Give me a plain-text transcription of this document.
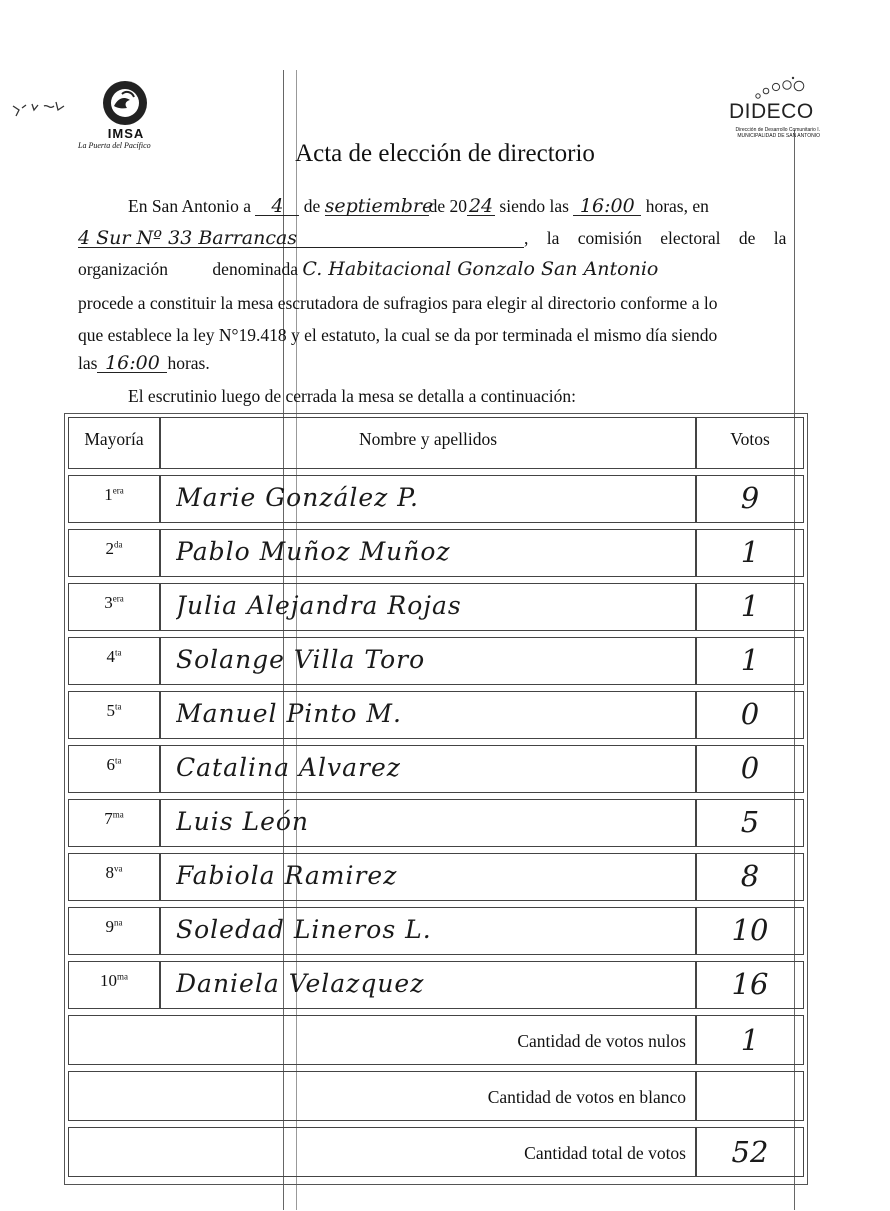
IMSA
La Puerta del Pacífico
DIDECO
Dirección de Desarrollo Comunitario I. MUNICIPALIDAD DE SAN ANTONIO
Acta de elección de directorio
En San Antonio a 4 de septiembrede 20 24 siendo las 16:00 horas, en
4 Sur Nº 33 Barrancas	, la comisión electoral de la
organización denominada C. Habitacional Gonzalo San Antonio
procede a constituir la mesa escrutadora de sufragios para elegir al directorio conforme a lo
que establece la ley N°19.418 y el estatuto, la cual se da por terminada el mismo día siendo
las 16:00 horas.
El escrutinio luego de cerrada la mesa se detalla a continuación:
Mayoría	Nombre y apellidos	Votos
$1^{era}$	Marie González P.	9
$2^{da}$	Pablo Muñoz Muñoz	1
$3^{era}$	Julia Alejandra Rojas	1
$4^{ta}$	Solange Villa Toro	1
$5^{ta}$	Manuel Pinto M.	0
$6^{ta}$	Catalina Alvarez	0
$7^{ma}$	Luis León	5
$8^{va}$	Fabiola Ramirez	8
$9^{na}$	Soledad Lineros L.	10
$10^{ma}$	Daniela Velazquez	16
Cantidad de votos nulos	1
Cantidad de votos en blanco
Cantidad total de votos	52
